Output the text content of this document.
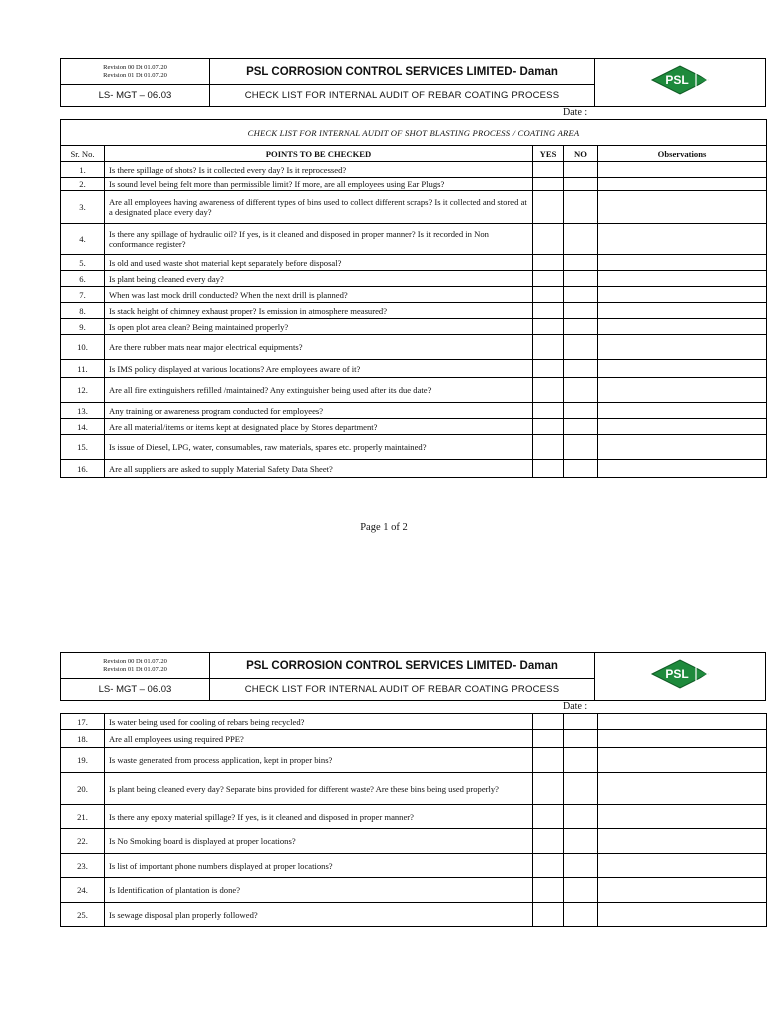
Revision 00 Dt 01.07.20
Revision 01 Dt 01.07.20	PSL CORROSION CONTROL SERVICES LIMITED- Daman	PSL

LS- MGT – 06.03	CHECK LIST FOR INTERNAL AUDIT OF REBAR COATING PROCESS	
Date :
CHECK LIST FOR INTERNAL AUDIT OF SHOT BLASTING PROCESS / COATING AREA				
Sr. No.	POINTS TO BE CHECKED	YES	NO	Observations
1.	Is there spillage of shots? Is it collected every day? Is it reprocessed?			
2.	Is sound level being felt more than permissible limit? If more, are all employees using Ear Plugs?			
3.	Are all employees having awareness of different types of bins used to collect different scraps? Is it collected and stored at a designated place every day?			
4.	Is there any spillage of hydraulic oil? If yes, is it cleaned and disposed in proper manner? Is it recorded in Non conformance register?			
5.	Is old and used waste shot material kept separately before disposal?			
6.	Is plant being cleaned every day?			
7.	When was last mock drill conducted? When the next drill is planned?			
8.	Is stack height of chimney exhaust proper? Is emission in atmosphere measured?			
9.	Is open plot area clean? Being maintained properly?			
10.	Are there rubber mats near major electrical equipments?			
11.	Is IMS policy displayed at various locations? Are employees aware of it?			
12.	Are all fire extinguishers refilled /maintained? Any extinguisher being used after its due date?			
13.	Any training or awareness program conducted for employees?			
14.	Are all material/items or items kept at designated place by Stores department?			
15.	Is issue of Diesel, LPG, water, consumables, raw materials, spares etc. properly maintained?			
16.	Are all suppliers are asked to supply Material Safety Data Sheet?			
Page 1 of 2
Revision 00 Dt 01.07.20
Revision 01 Dt 01.07.20	PSL CORROSION CONTROL SERVICES LIMITED- Daman	PSL

LS- MGT – 06.03	CHECK LIST FOR INTERNAL AUDIT OF REBAR COATING PROCESS	
Date :
17.	Is water being used for cooling of rebars being recycled?			
18.	Are all employees using required PPE?			
19.	Is waste generated from process application, kept in proper bins?			
20.	Is plant being cleaned every day? Separate bins provided for different waste? Are these bins being used properly?			
21.	Is there any epoxy material spillage? If yes, is it cleaned and disposed in proper manner?			
22.	Is No Smoking board is displayed at proper locations?			
23.	Is list of important phone numbers displayed at proper locations?			
24.	Is Identification of plantation is done?			
25.	Is sewage disposal plan properly followed?			
